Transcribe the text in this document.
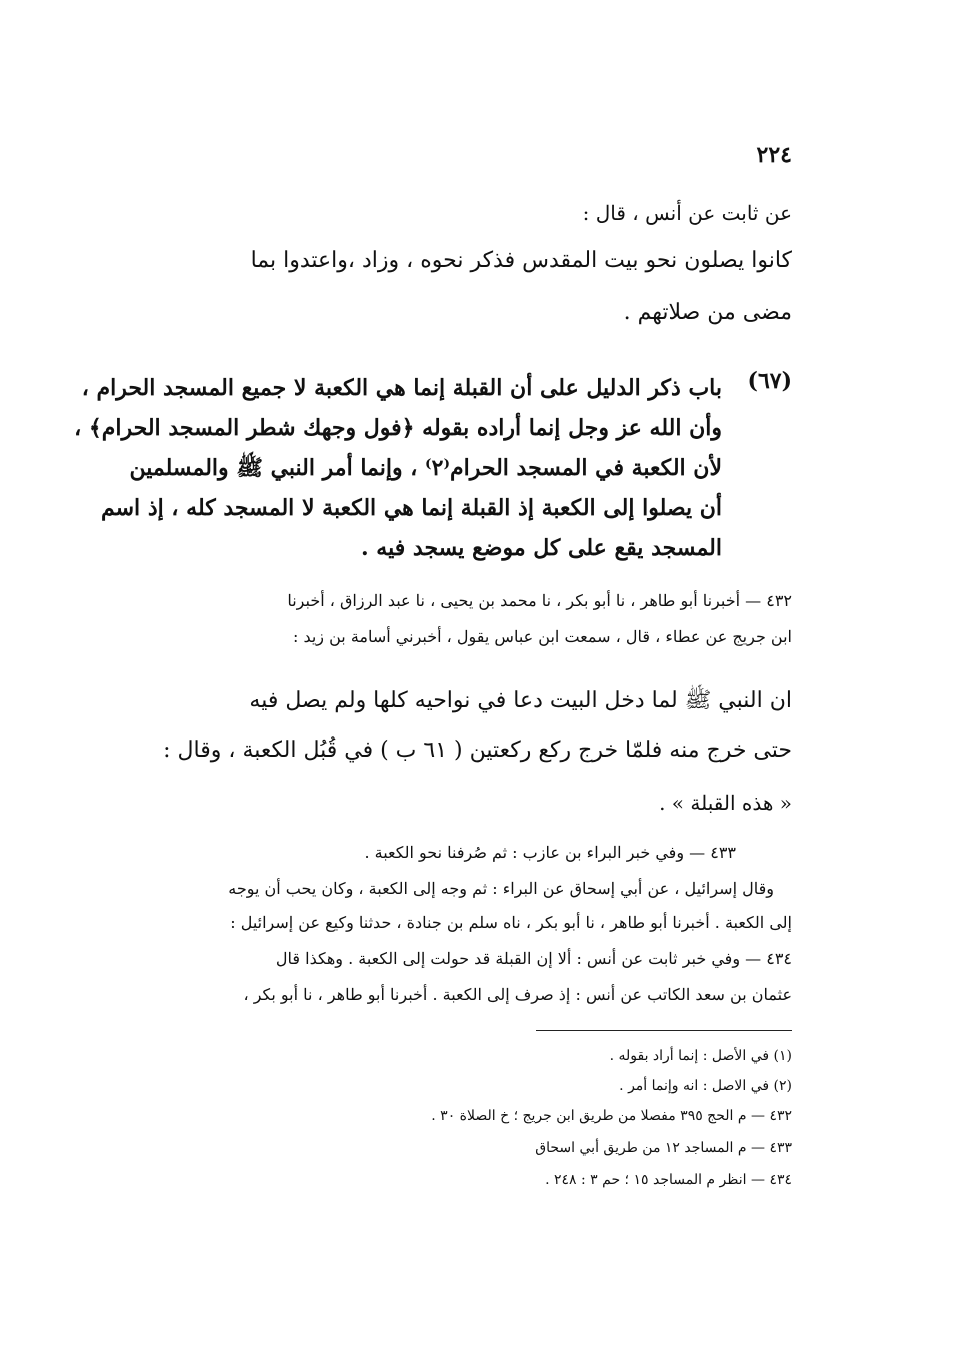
٢٢٤
عن ثابت عن أنس ، قال :
كانوا يصلون نحو بيت المقدس فذكر نحوه ، وزاد ،واعتدوا بما
مضى من صلاتهم .
(٦٧)
باب ذكر الدليل على أن القبلة إنما هي الكعبة لا جميع المسجد الحرام ،
وأن الله عز وجل إنما أراده بقوله ﴿فول وجهك شطر المسجد الحرام﴾ ،
لأن الكعبة في المسجد الحرام⁽٢⁾ ، وإنما أمر النبي ﷺ والمسلمين
أن يصلوا إلى الكعبة إذ القبلة إنما هي الكعبة لا المسجد كله ، إذ اسم
المسجد يقع على كل موضع يسجد فيه .
٤٣٢ — أخبرنا أبو طاهر ، نا أبو بكر ، نا محمد بن يحيى ، نا عبد الرزاق ، أخبرنا
ابن جريج عن عطاء ، قال ، سمعت ابن عباس يقول ، أخبرني أسامة بن زيد :
ان النبي ﷺ لما دخل البيت دعا في نواحيه كلها ولم يصل فيه
حتى خرج منه فلمّا خرج ركع ركعتين ( ٦١ ب ) في قُبُل الكعبة ، وقال :
« هذه القبلة » .
٤٣٣ — وفي خبر البراء بن عازب : ثم صُرفنا نحو الكعبة .
وقال إسرائيل ، عن أبي إسحاق عن البراء : ثم وجه إلى الكعبة ، وكان يحب أن يوجه
إلى الكعبة . أخبرنا أبو طاهر ، نا أبو بكر ، ناه سلم بن جنادة ، حدثنا وكيع عن إسرائيل :
٤٣٤ — وفي خبر ثابت عن أنس : ألا إن القبلة قد حولت إلى الكعبة . وهكذا قال
عثمان بن سعد الكاتب عن أنس : إذ صرف إلى الكعبة . أخبرنا أبو طاهر ، نا أبو بكر ،
(١) في الأصل : إنما أراد بقوله .
(٢) في الاصل : انه وإنما أمر .
٤٣٢ — م الحج ٣٩٥ مفصلا من طريق ابن جريج ؛ خ الصلاة ٣٠ .
٤٣٣ — م المساجد ١٢ من طريق أبي اسحاق
٤٣٤ — انظر م المساجد ١٥ ؛ حم ٣ : ٢٤٨ .
